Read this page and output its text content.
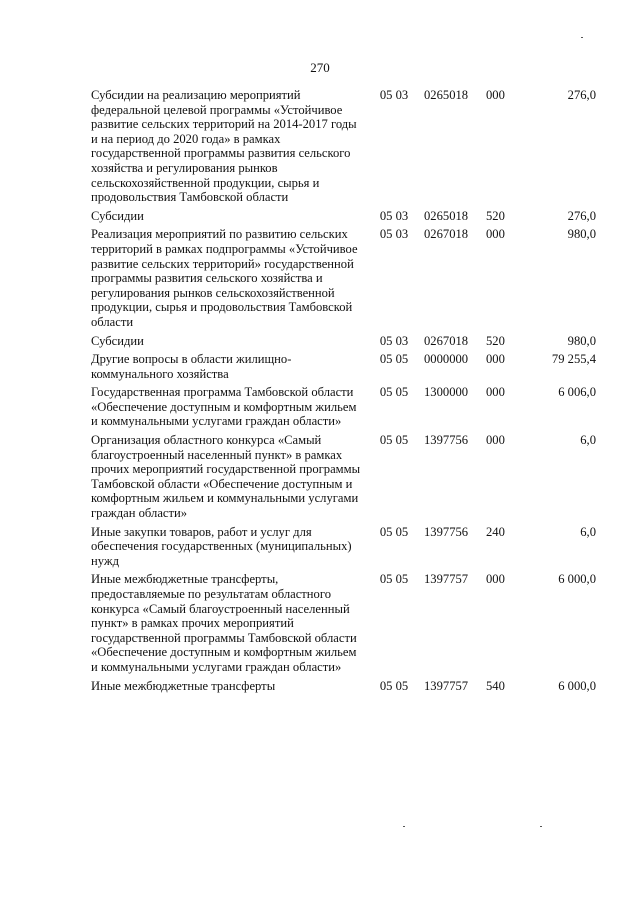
270
Субсидии на реализацию мероприятий федеральной целевой программы «Устойчивое развитие сельских территорий на 2014-2017 годы и на период до 2020 года» в рамках государственной программы развития сельского хозяйства и регулирования рынков сельскохозяйственной продукции, сырья и продовольствия Тамбовской области	05 03	0265018	000	276,0
Субсидии	05 03	0265018	520	276,0
Реализация мероприятий по развитию сельских территорий в рамках подпрограммы «Устойчивое развитие сельских территорий» государственной программы развития сельского хозяйства и регулирования рынков сельскохозяйственной продукции, сырья и продовольствия Тамбовской области	05 03	0267018	000	980,0
Субсидии	05 03	0267018	520	980,0
Другие вопросы в области жилищно-коммунального хозяйства	05 05	0000000	000	79 255,4
Государственная программа Тамбовской области «Обеспечение доступным и комфортным жильем и коммунальными услугами граждан области»	05 05	1300000	000	6 006,0
Организация областного конкурса «Самый благоустроенный населенный пункт» в рамках прочих мероприятий государственной программы Тамбовской области «Обеспечение доступным и комфортным жильем и коммунальными услугами граждан области»	05 05	1397756	000	6,0
Иные закупки товаров, работ и услуг для обеспечения государственных (муниципальных) нужд	05 05	1397756	240	6,0
Иные межбюджетные трансферты, предоставляемые по результатам областного конкурса «Самый благоустроенный населенный пункт» в рамках прочих мероприятий государственной программы Тамбовской области «Обеспечение доступным и комфортным жильем и коммунальными услугами граждан области»	05 05	1397757	000	6 000,0
Иные межбюджетные трансферты	05 05	1397757	540	6 000,0
